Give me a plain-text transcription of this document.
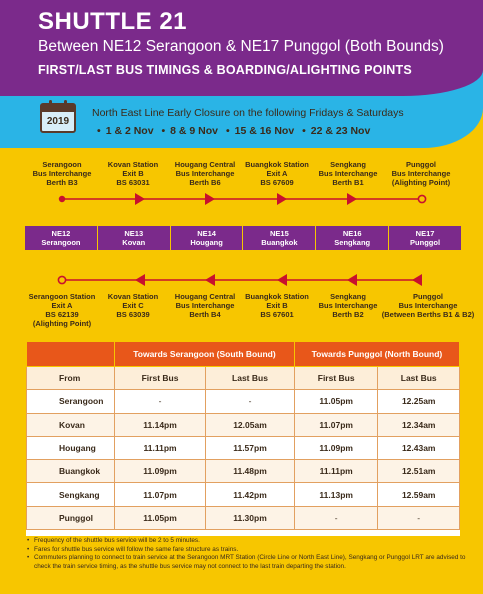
SHUTTLE 21
Between NE12 Serangoon & NE17 Punggol (Both Bounds)
FIRST/LAST BUS TIMINGS & BOARDING/ALIGHTING POINTS
2019
North East Line Early Closure on the following Fridays & Saturdays
• 1 & 2 Nov • 8 & 9 Nov • 15 & 16 Nov • 22 & 23 Nov
Serangoon
Bus Interchange
Berth B3
Kovan Station
Exit B
BS 63031
Hougang Central
Bus Interchange
Berth B6
Buangkok Station
Exit A
BS 67609
Sengkang
Bus Interchange
Berth B1
Punggol
Bus Interchange
(Alighting Point)
NE12
Serangoon
NE13
Kovan
NE14
Hougang
NE15
Buangkok
NE16
Sengkang
NE17
Punggol
Serangoon Station
Exit A
BS 62139
(Alighting Point)
Kovan Station
Exit C
BS 63039
Hougang Central
Bus Interchange
Berth B4
Buangkok Station
Exit B
BS 67601
Sengkang
Bus Interchange
Berth B2
Punggol
Bus Interchange
(Between Berths B1 & B2)
	Towards Serangoon (South Bound)		Towards Punggol (North Bound)	
From	First Bus	Last Bus	First Bus	Last Bus
Serangoon	-	-	11.05pm	12.25am
Kovan	11.14pm	12.05am	11.07pm	12.34am
Hougang	11.11pm	11.57pm	11.09pm	12.43am
Buangkok	11.09pm	11.48pm	11.11pm	12.51am
Sengkang	11.07pm	11.42pm	11.13pm	12.59am
Punggol	11.05pm	11.30pm	-	-
• Frequency of the shuttle bus service will be 2 to 5 minutes.
• Fares for shuttle bus service will follow the same fare structure as trains.
• Commuters planning to connect to train service at the Serangoon MRT Station (Circle Line or North East Line), Sengkang or Punggol LRT are advised to check the train service timing, as the shuttle bus service may not connect to the last train departing the station.
